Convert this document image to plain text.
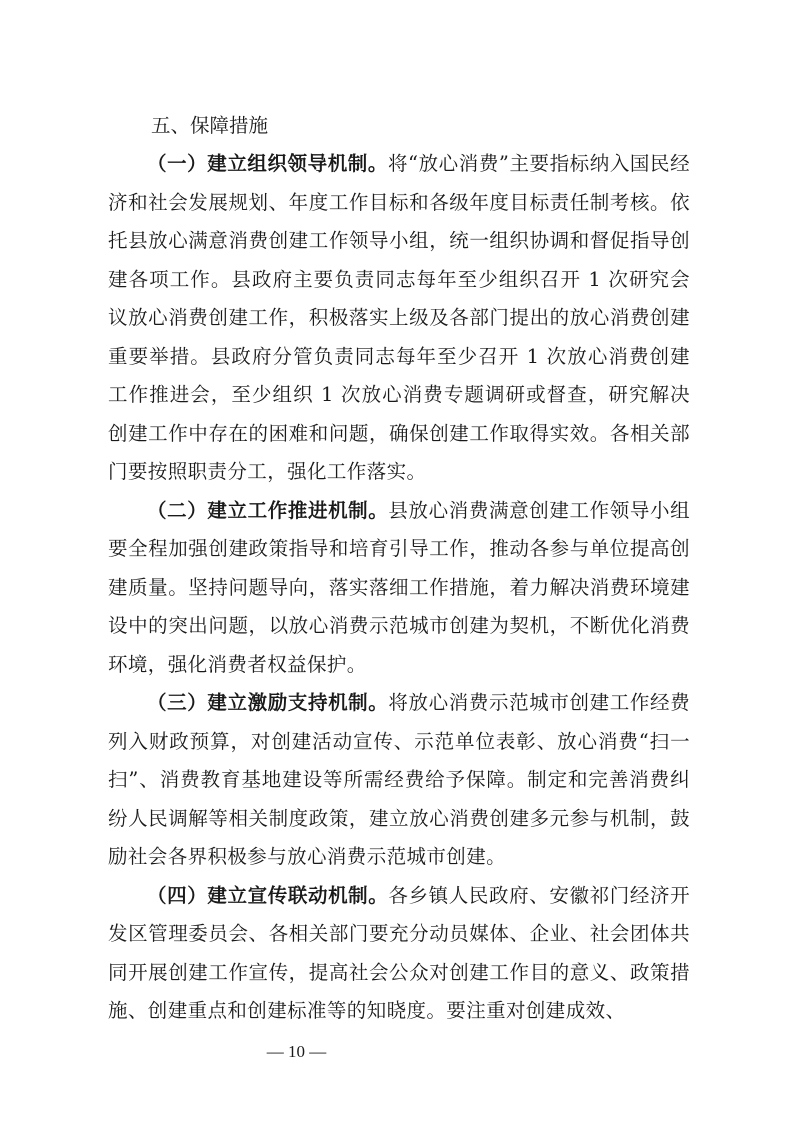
五、保障措施

（一）建立组织领导机制。将“放心消费”主要指标纳入国民经济和社会发展规划、年度工作目标和各级年度目标责任制考核。依托县放心满意消费创建工作领导小组，统一组织协调和督促指导创建各项工作。县政府主要负责同志每年至少组织召开 1 次研究会议放心消费创建工作，积极落实上级及各部门提出的放心消费创建重要举措。县政府分管负责同志每年至少召开 1 次放心消费创建工作推进会，至少组织 1 次放心消费专题调研或督查，研究解决创建工作中存在的困难和问题，确保创建工作取得实效。各相关部门要按照职责分工，强化工作落实。

（二）建立工作推进机制。县放心消费满意创建工作领导小组要全程加强创建政策指导和培育引导工作，推动各参与单位提高创建质量。坚持问题导向，落实落细工作措施，着力解决消费环境建设中的突出问题，以放心消费示范城市创建为契机，不断优化消费环境，强化消费者权益保护。

（三）建立激励支持机制。将放心消费示范城市创建工作经费列入财政预算，对创建活动宣传、示范单位表彰、放心消费“扫一扫”、消费教育基地建设等所需经费给予保障。制定和完善消费纠纷人民调解等相关制度政策，建立放心消费创建多元参与机制，鼓励社会各界积极参与放心消费示范城市创建。

（四）建立宣传联动机制。各乡镇人民政府、安徽祁门经济开发区管理委员会、各相关部门要充分动员媒体、企业、社会团体共同开展创建工作宣传，提高社会公众对创建工作目的意义、政策措施、创建重点和创建标准等的知晓度。要注重对创建成效、

— 10 —
